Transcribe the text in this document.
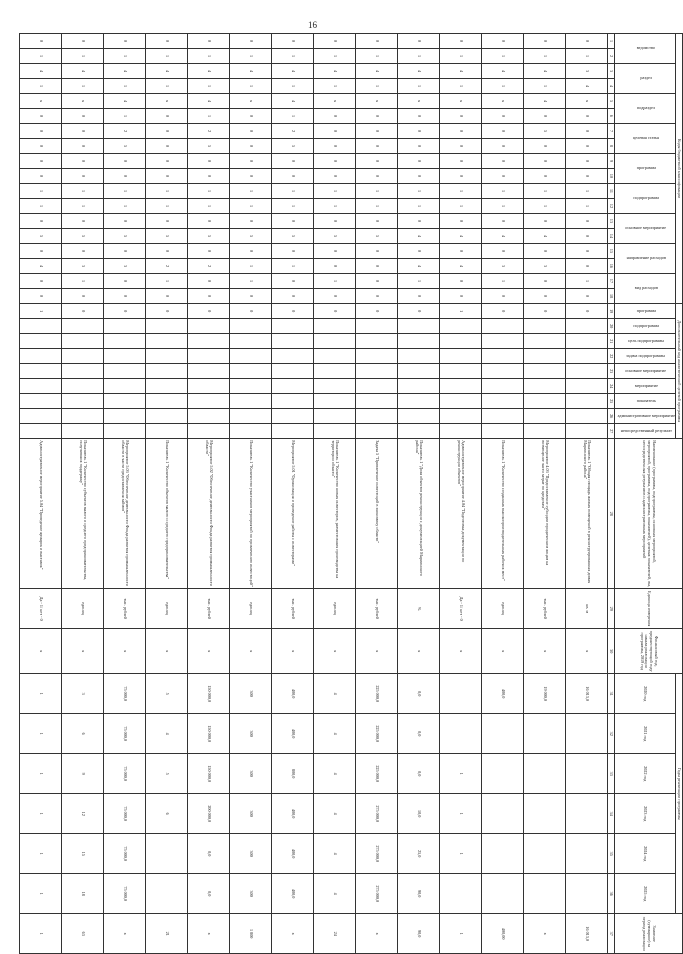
16
Коды бюджетной классификации																		Дополнительный код аналитической целевой программы									Наименование (программы, подпрограммы, основных мероприятий, мероприятий, программы, подпрограммы, показателей), целевых показателей, вы, непосредственных результатов и административных мероприятий	Единица измерения	Финансовый год, предшествующий году начала реализации программы, 2019 год	Годы реализации программы						Значение (суммарное) за период реализации
ведомство		раздел		подраздел		целевая статья		программа		подпрограмма		основное мероприятие		направление расходов		вид расходов		программа	подпрограмма	цель подпрограммы	задача подпрограммы	основное мероприятие	мероприятие	показатель	административное мероприятие	непосредственный результат				2020 год	2021 год	2022 год	2023 год	2024 год	2025 год	
1	2	3	4	5	6	7	8	9	10	11	12	13	14	15	16	17	18	19	20	21	22	23	24	25	26	27	28	29	30	31	32	33	34	35	36	37
0	1	3	4	х	0	0	0	0	0	1	1	0	0	0	0	1	0	0									Показатель 1 "Общая площадь жилых помещений в реконструированных домах Мариинского района"	кв. м	х	16 013,0						16 013,0
0	1	4	1	4	0	5	0	0	0	1	1	0	4	0	3	0	0	0									Мероприятие 4.03 "Предоставление субсидии юридическим лицам на возмещение части затрат по кредитам"	тыс. рублей	х	19 000,0						х
0	1	4	1	х	0	0	0	0	0	1	1	0	4	0	3	1	0	0									Показатель 1 "Количество созданных высокопроизводительных рабочих мест"	единиц	х	400,0						400,00
0	1	4	1	х	0	0	0	0	0	1	1	0	4	0	4	0	0	1									Административное мероприятие 4.04 "Подготовка документации по реконструкции объектов"	Да - 1/ нет - 0	х			1	1	1		1
0	1	4	1	х	0	0	0	0	0	1	1	0	4	0	4	1	0	0									Показатель 1 "Доля объектов реконструкции с документацией Мариинского района"	%	х	0,0	0,0	0,0	10,0	25,0	90,0	90,0
0	1	4	1	х	0	0	0	0	0	1	1	0	5	0	0	0	0	0									Задача 5 "Привлечение инвестиций в экономику области"	тыс. рублей	х	225 000,0	225 000,0	225 000,0	275 000,0	275 000,0	275 000,0	х
0	1	4	1	х	0	0	0	0	0	1	1	0	5	0	0	1	0	0									Показатель 1 "Количество новых инвесторов, разместивших производства на территории области"	единиц	х	4	4	4	4	4	4	24
0	1	4	1	4	1	2	5	0	0	1	1	0	5	0	1	0	0	0									Мероприятие 5.01 "Организация и проведение работы с инвесторами"	тыс. рублей	х	400,0	400,0	800,0	400,0	400,0	400,0	х
0	1	4	1	х	0	0	0	0	0	1	1	0	5	0	1	1	0	0									Показатель 1 "Количество участников мероприятий по привлечению инвестиций"	единиц	х	300	300	300	300	300	300	1 800
0	1	4	1	4	1	2	5	0	0	1	1	0	5	0	2	0	0	0									Мероприятие 5.02 "Обеспечение деятельности Фонда развития промышленности области"	тыс. рублей	х	150 000,0	150 000,0	150 000,0	200 000,0	0,0	0,0	х
0	1	4	1	х	0	0	0	0	0	1	1	0	5	0	2	1	0	0									Показатель 1 "Количество объектов малого и среднего предпринимательства"	единиц	х	5	4	5	6			21
0	1	4	1	4	1	2	5	0	0	1	1	0	5	0	3	0	0	0									Мероприятие 5.03 "Обеспечение деятельности Фонда развития промышленности области в части предоставления займов"	тыс. рублей	х	75 000,0	75 000,0	75 000,0	75 000,0	75 000,0	75 000,0	х
0	1	4	1	х	0	0	0	0	0	1	1	0	5	0	3	1	0	0									Показатель 1 "Количество субъектов малого и среднего предпринимательства, получивших поддержку"	единиц	х	3	6	9	12	15	18	63
0	1	4	1	х	0	0	0	0	0	1	1	0	5	0	4	0	0	1									Административное мероприятие 5.04 "Проведение ярмарок и выставок"	Да - 1/ нет - 0	х	1	1	1	1	1	1	1
